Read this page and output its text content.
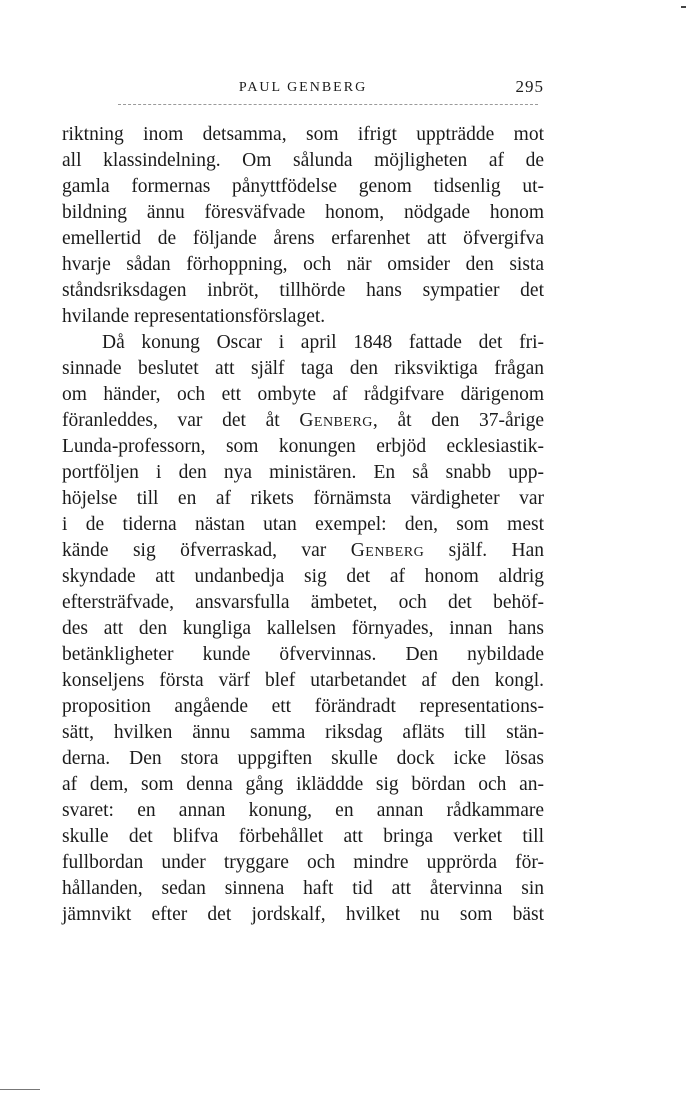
PAUL GENBERG	295
riktning inom detsamma, som ifrigt uppträdde mot
all klassindelning. Om sålunda möjligheten af de
gamla formernas pånyttfödelse genom tidsenlig ut-
bildning ännu föresväfvade honom, nödgade honom
emellertid de följande årens erfarenhet att öfvergifva
hvarje sådan förhoppning, och när omsider den sista
ståndsriksdagen inbröt, tillhörde hans sympatier det
hvilande representationsförslaget.
Då konung Oscar i april 1848 fattade det fri-
sinnade beslutet att själf taga den riksviktiga frågan
om händer, och ett ombyte af rådgifvare därigenom
föranleddes, var det åt Genberg, åt den 37-årige
Lunda-professorn, som konungen erbjöd ecklesiastik-
portföljen i den nya ministären. En så snabb upp-
höjelse till en af rikets förnämsta värdigheter var
i de tiderna nästan utan exempel: den, som mest
kände sig öfverraskad, var Genberg själf. Han
skyndade att undanbedja sig det af honom aldrig
eftersträfvade, ansvarsfulla ämbetet, och det behöf-
des att den kungliga kallelsen förnyades, innan hans
betänkligheter kunde öfvervinnas. Den nybildade
konseljens första värf blef utarbetandet af den kongl.
proposition angående ett förändradt representations-
sätt, hvilken ännu samma riksdag afläts till stän-
derna. Den stora uppgiften skulle dock icke lösas
af dem, som denna gång ikläddde sig bördan och an-
svaret: en annan konung, en annan rådkammare
skulle det blifva förbehållet att bringa verket till
fullbordan under tryggare och mindre upprörda för-
hållanden, sedan sinnena haft tid att återvinna sin
jämnvikt efter det jordskalf, hvilket nu som bäst
